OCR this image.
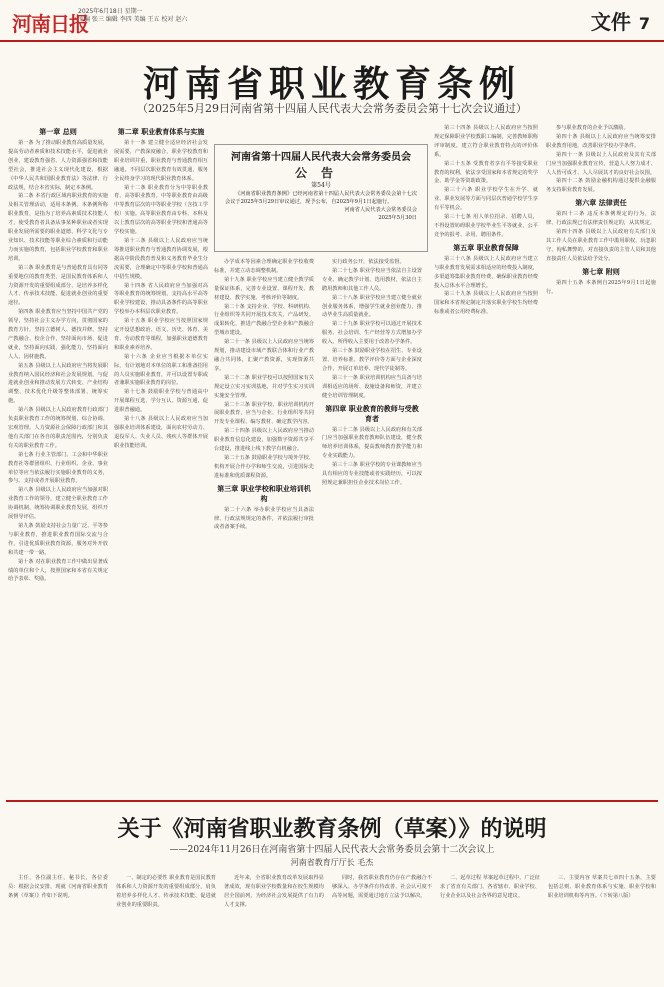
河南日报
2025年6月18日 星期一
主编 张三 编辑 李四 美编 王五 校对 赵六	文件 7
河南省职业教育条例
（2025年5月29日河南省第十四届人民代表大会常务委员会第十七次会议通过）
第一章 总则

第一条 为了推动职业教育高质量发展，提高劳动者素质和技术技能水平，促进就业创业，建设教育强省、人力资源强省和技能型社会，推进社会主义现代化建设，根据《中华人民共和国职业教育法》等法律、行政法规，结合本省实际，制定本条例。

第二条 本省行政区域内职业教育的实施及相关管理活动，适用本条例。本条例所称职业教育，是指为了培养高素质技术技能人才，使受教育者具备从事某种职业或者实现职业发展所需要的职业道德、科学文化与专业知识、技术技能等职业综合素质和行动能力而实施的教育，包括职业学校教育和职业培训。

第三条 职业教育是与普通教育具有同等重要地位的教育类型，是国民教育体系和人力资源开发的重要组成部分，是培养多样化人才、传承技术技能、促进就业创业的重要途径。

第四条 职业教育应当坚持中国共产党的领导，坚持社会主义办学方向，贯彻国家的教育方针，坚持立德树人、德技并修，坚持产教融合、校企合作，坚持面向市场、促进就业，坚持面向实践、强化能力，坚持面向人人、因材施教。

第五条 县级以上人民政府应当将发展职业教育纳入国民经济和社会发展规划，与促进就业创业和推动发展方式转变、产业结构调整、技术优化升级等整体部署、统筹实施。

第六条 县级以上人民政府教育行政部门负责职业教育工作的统筹规划、综合协调、宏观管理。人力资源社会保障行政部门和其他有关部门在各自的职责范围内，分别负责有关的职业教育工作。

第七条 行业主管部门、工会和中华职业教育社等群团组织、行业组织、企业、事业单位等应当依法履行实施职业教育的义务，参与、支持或者开展职业教育。

第八条 县级以上人民政府应当加强对职业教育工作的领导，建立健全职业教育工作协调机制，统筹协调职业教育发展，组织开展督导评估。

第九条 鼓励支持社会力量广泛、平等参与职业教育，推进职业教育国际交流与合作，引进优质职业教育资源，服务对外开放和共建一带一路。

第十条 对在职业教育工作中做出显著成绩的单位和个人，按照国家和本省有关规定给予表彰、奖励。

第二章 职业教育体系与实施

第十一条 建立健全适应经济社会发展需要，产教深度融合，职业学校教育和职业培训并重，职业教育与普通教育相互融通，不同层次职业教育有效贯通，服务全民终身学习的现代职业教育体系。

第十二条 职业教育分为中等职业教育、高等职业教育。中等职业教育由高级中等教育层次的中等职业学校（含技工学校）实施。高等职业教育由专科、本科及以上教育层次的高等职业学校和普通高等学校实施。

第十三条 县级以上人民政府应当统筹推进职业教育与普通教育协调发展，根据高中阶段教育普及和义务教育毕业生分流需要，合理确定中等职业学校和普通高中招生规模。

第十四条 省人民政府应当加强对高等职业教育的统筹规划，支持高水平高等职业学校建设，推动具备条件的高等职业学校举办本科层次职业教育。

第十五条 职业学校应当按照国家规定开设思想政治、语文、历史、体育、美育、劳动教育等课程，加强职业道德教育和职业素养培养。

第十六条 企业应当根据本单位实际，有计划地对本单位的职工和准备招用的人员实施职业教育，并可以设置专职或者兼职实施职业教育的岗位。

第十七条 鼓励职业学校与普通高中开展课程互选、学分互认、资源互通，促进职普融通。

第十八条 县级以上人民政府应当加强职业培训体系建设，面向农村劳动力、退役军人、失业人员、残疾人等群体开展职业技能培训。

办学成本等因素合理确定职业学校收费标准，并建立动态调整机制。

第十九条 职业学校应当建立健全教学质量保证体系，完善专业设置、课程开发、教材建设、教学实施、考核评价等制度。

第二十条 支持企业、学校、科研机构、行业组织等共同开展技术攻关、产品研发、成果转化，推进产教融合型企业和产教融合型城市建设。

第二十一条 县级以上人民政府应当统筹规划，推动建设市域产教联合体和行业产教融合共同体，汇聚产教资源，实现资源共享。

第二十二条 职业学校可以按照国家有关规定设立实习实训基地，并对学生实习实训实施安全管理。

第二十三条 职业学校、职业培训机构开展职业教育，应当与企业、行业组织等共同开发专业课程、编写教材、确定教学内容。

第二十四条 县级以上人民政府应当推动职业教育信息化建设，加强数字资源共享平台建设，推进线上线下教学有机融合。

第二十五条 鼓励职业学校与境外学校、机构开展合作办学和师生交流，引进国际先进标准和优质课程资源。

第三章 职业学校和职业培训机构

第二十六条 举办职业学校应当具备法律、行政法规规定的条件，并依法履行审批或者备案手续。

实行政务公开，依法接受监督。

第二十七条 职业学校应当依法自主设置专业、确定教学计划、选用教材，依法自主聘用教师和其他工作人员。

第二十八条 职业学校应当建立健全就业创业服务体系，增强学生就业创业能力，推动毕业生高质量就业。

第二十九条 职业学校可以通过开展技术服务、社会培训、生产经营等方式增加办学收入，所得收入主要用于改善办学条件。

第三十条 鼓励职业学校在招生、专业设置、培养标准、教学评价等方面与企业深度合作，开展订单培养、现代学徒制等。

第三十一条 职业培训机构应当具备与培训相适应的场所、设施设备和师资，并建立健全培训管理制度。

第四章 职业教育的教师与受教育者

第三十二条 县级以上人民政府和有关部门应当加强职业教育教师队伍建设，健全教师培养培训体系，提高教师教育教学能力和专业实践能力。

第三十三条 职业学校的专业课教师应当具有相应的专业技能或者实践经历，可以按照规定兼职担任企业技术岗位工作。

第三十四条 县级以上人民政府应当按照规定保障职业学校教职工编制，完善教师职称评审制度，建立符合职业教育特点的评价体系。

第三十五条 受教育者享有平等接受职业教育的权利，依法享受国家和本省规定的奖学金、助学金等资助政策。

第三十六条 职业学校学生在升学、就业、职业发展等方面与同层次普通学校学生享有平等机会。

第三十七条 用人单位招录、招聘人员，不得设置妨碍职业学校毕业生平等就业、公平竞争的报考、录用、聘用条件。

第五章 职业教育保障

第三十八条 县级以上人民政府应当建立与职业教育发展需求相适应的经费投入制度，多渠道筹集职业教育经费，确保职业教育经费投入总体水平合理增长。

第三十九条 县级以上人民政府应当按照国家和本省规定制定并落实职业学校生均经费标准或者公用经费标准。

参与职业教育的企业予以激励。

第四十条 县级以上人民政府应当统筹安排职业教育用地，改善职业学校办学条件。

第四十一条 县级以上人民政府及其有关部门应当加强职业教育宣传，营造人人努力成才、人人皆可成才、人人尽展其才的良好社会氛围。

第四十二条 鼓励金融机构通过提供金融服务支持职业教育发展。

第六章 法律责任

第四十三条 违反本条例规定的行为，法律、行政法规已有法律责任规定的，从其规定。

第四十四条 县级以上人民政府有关部门及其工作人员在职业教育工作中滥用职权、玩忽职守、徇私舞弊的，对直接负责的主管人员和其他直接责任人员依法给予处分。

第七章 附则

第四十五条 本条例自2025年9月1日起施行。

河南省第十四届人民代表大会常务委员会
公告
第54号
《河南省职业教育条例》已经河南省第十四届人民代表大会常务委员会第十七次会议于2025年5月29日审议通过，现予公布，自2025年9月1日起施行。
河南省人民代表大会常务委员会
2025年5月30日
关于《河南省职业教育条例（草案）》的说明
——2024年11月26日在河南省第十四届人民代表大会常务委员会第十二次会议上
河南省教育厅厅长 毛杰

主任、各位副主任，秘书长，各位委员：根据会议安排，现就《河南省职业教育条例（草案）》作如下说明。

一、制定的必要性 职业教育是国民教育体系和人力资源开发的重要组成部分，肩负着培养多样化人才、传承技术技能、促进就业创业的重要职责。

近年来，全省职业教育改革发展取得显著成效，现有职业学校数量和在校生规模均居全国前列，为经济社会发展提供了有力的人才支撑。

同时，我省职业教育仍存在产教融合不够深入、办学条件有待改善、社会认可度不高等问题，需要通过地方立法予以解决。

二、起草过程 草案起草过程中，广泛征求了省直有关部门、各省辖市、职业学校、行业企业以及社会各界的意见建议。

三、主要内容 草案共七章四十五条，主要包括总则、职业教育体系与实施、职业学校和职业培训机构等内容。（下转第八版）
